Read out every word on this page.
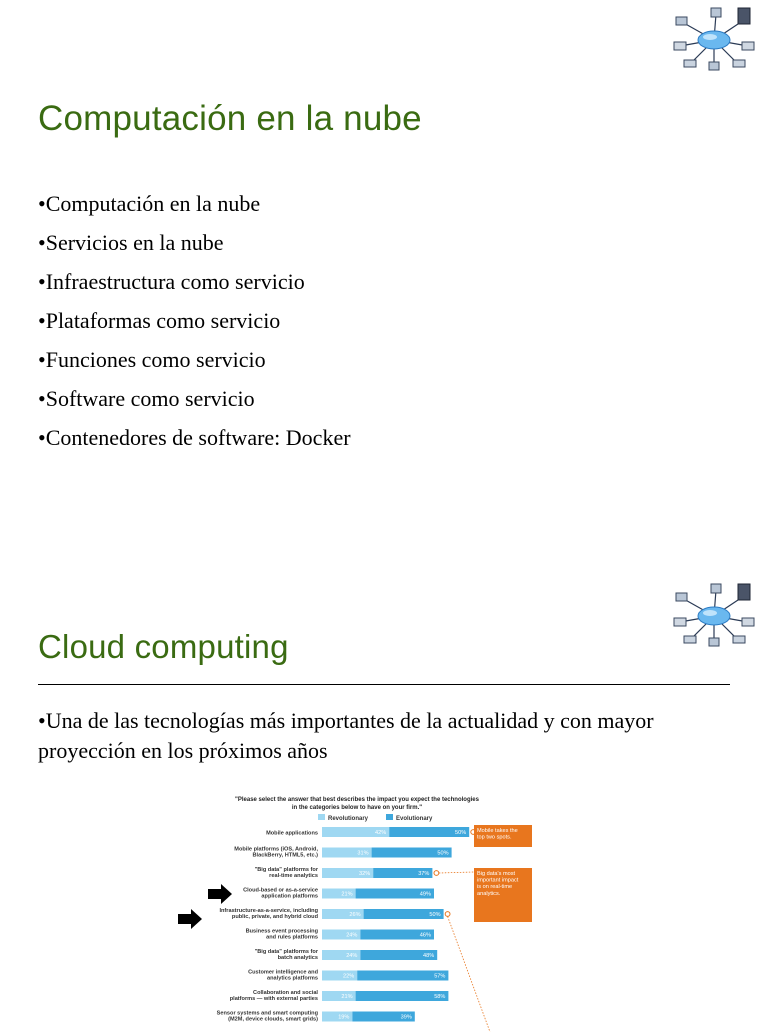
Computación en la nube
•Computación en la nube
•Servicios en la nube
•Infraestructura como servicio
•Plataformas como servicio
•Funciones como servicio
•Software como servicio
•Contenedores de software: Docker
Cloud computing

•Una de las tecnologías más importantes de la actualidad y con mayor proyección en los próximos años

"Please select the answer that best describes the impact you expect the technologies
in the categories below to have on your firm."
Revolutionary	Evolutionary
Mobile applications	42%	50%
Mobile platforms (iOS, Android, BlackBerry, HTML5, etc.)	31%	50%
"Big data" platforms for real-time analytics	32%	37%
Cloud-based or as-a-service application platforms	21%	49%
Infrastructure-as-a-service, including public, private, and hybrid cloud	26%	50%
Business event processing and rules platforms	24%	46%
"Big data" platforms for batch analytics	24%	48%
Customer intelligence and analytics platforms	22%	57%
Collaboration and social platforms — with external parties	21%	58%
Sensor systems and smart computing (M2M, device clouds, smart grids)	19%	39%
Mobile takes the top two spots.
Big data's most important impact is on real-time analytics.
